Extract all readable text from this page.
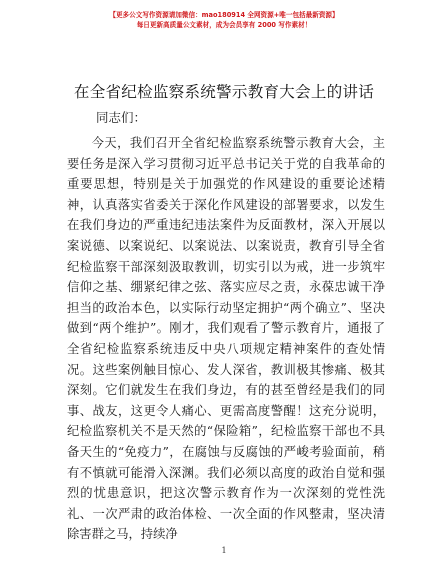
【更多公文写作资源请加微信：mao180914 全网资源+唯一包括最新资源】
每日更新高质量公文素材，成为会员享有 2000 写作素材！
在全省纪检监察系统警示教育大会上的讲话
同志们：

今天，我们召开全省纪检监察系统警示教育大会，主要任务是深入学习贯彻习近平总书记关于党的自我革命的重要思想，特别是关于加强党的作风建设的重要论述精神，认真落实省委关于深化作风建设的部署要求，以发生在我们身边的严重违纪违法案件为反面教材，深入开展以案说德、以案说纪、以案说法、以案说责，教育引导全省纪检监察干部深刻汲取教训，切实引以为戒，进一步筑牢信仰之基、绷紧纪律之弦、落实应尽之责，永葆忠诚干净担当的政治本色，以实际行动坚定拥护“两个确立”、坚决做到“两个维护”。刚才，我们观看了警示教育片，通报了全省纪检监察系统违反中央八项规定精神案件的查处情况。这些案例触目惊心、发人深省，教训极其惨痛、极其深刻。它们就发生在我们身边，有的甚至曾经是我们的同事、战友，这更令人痛心、更需高度警醒！这充分说明，纪检监察机关不是天然的“保险箱”，纪检监察干部也不具备天生的“免疫力”，在腐蚀与反腐蚀的严峻考验面前，稍有不慎就可能滑入深渊。我们必须以高度的政治自觉和强烈的忧患意识，把这次警示教育作为一次深刻的党性洗礼、一次严肃的政治体检、一次全面的作风整肃，坚决清除害群之马，持续净

1
